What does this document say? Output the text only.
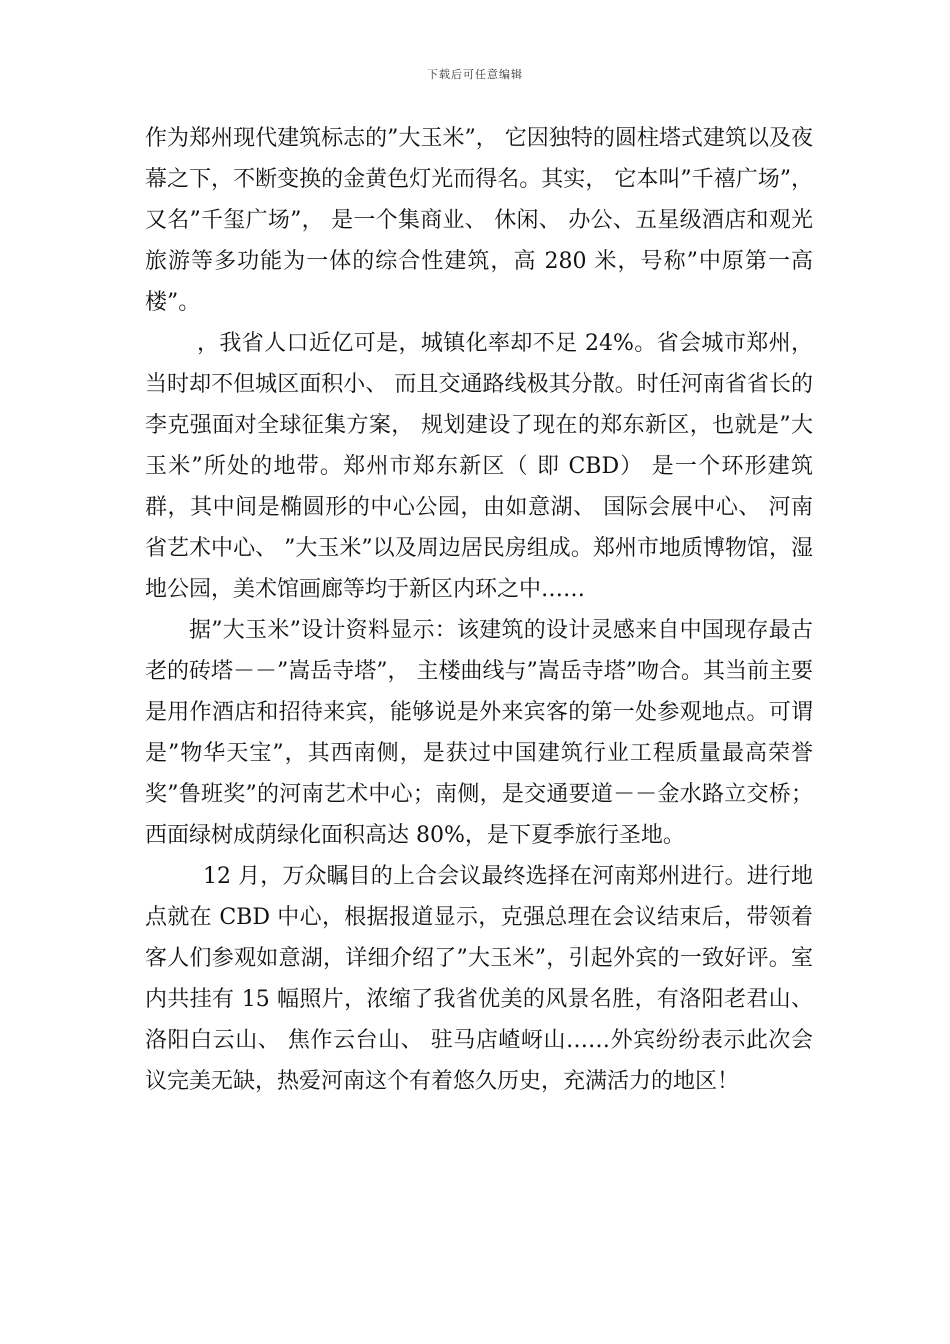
下载后可任意编辑

作为郑州现代建筑标志的”大玉米”， 它因独特的圆柱塔式建筑以及夜幕之下，不断变换的金黄色灯光而得名。其实， 它本叫”千禧广场”， 又名”千玺广场”， 是一个集商业、 休闲、 办公、五星级酒店和观光旅游等多功能为一体的综合性建筑，高 280 米，号称”中原第一高楼”。

，我省人口近亿可是，城镇化率却不足 24%。省会城市郑州，当时却不但城区面积小、 而且交通路线极其分散。时任河南省省长的李克强面对全球征集方案， 规划建设了现在的郑东新区，也就是”大玉米”所处的地带。郑州市郑东新区（ 即 CBD） 是一个环形建筑群，其中间是椭圆形的中心公园，由如意湖、 国际会展中心、 河南省艺术中心、 ”大玉米”以及周边居民房组成。郑州市地质博物馆，湿地公园，美术馆画廊等均于新区内环之中……

据”大玉米”设计资料显示：该建筑的设计灵感来自中国现存最古老的砖塔－－”嵩岳寺塔”， 主楼曲线与”嵩岳寺塔”吻合。其当前主要是用作酒店和招待来宾，能够说是外来宾客的第一处参观地点。可谓是”物华天宝”，其西南侧，是获过中国建筑行业工程质量最高荣誉奖”鲁班奖”的河南艺术中心；南侧，是交通要道－－金水路立交桥；西面绿树成荫绿化面积高达 80%，是下夏季旅行圣地。

12 月，万众瞩目的上合会议最终选择在河南郑州进行。进行地点就在 CBD 中心，根据报道显示，克强总理在会议结束后，带领着客人们参观如意湖，详细介绍了”大玉米”，引起外宾的一致好评。室内共挂有 15 幅照片，浓缩了我省优美的风景名胜，有洛阳老君山、 洛阳白云山、 焦作云台山、 驻马店嵖岈山……外宾纷纷表示此次会议完美无缺，热爱河南这个有着悠久历史，充满活力的地区！
